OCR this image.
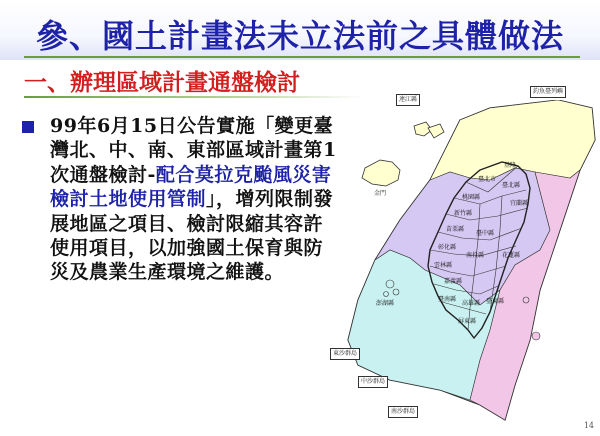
參、國土計畫法未立法前之具體做法
一、辦理區域計畫通盤檢討
99年6月15日公告實施「變更臺灣北、中、南、東部區域計畫第1次通盤檢討-配合莫拉克颱風災害檢討土地使用管制」，增列限制發展地區之項目、檢討限縮其容許使用項目，以加強國土保育與防災及農業生產環境之維護。
釣魚臺列嶼
連江縣
東沙群島
中沙群島
南沙群島
金門
基隆
臺北市
臺北縣
桃園縣
宜蘭縣
新竹縣
苗栗縣
臺中縣
彰化縣
南投縣	花蓮縣
雲林縣
嘉義縣
臺南縣
高雄縣 臺東縣
屏東縣
澎湖縣
14
